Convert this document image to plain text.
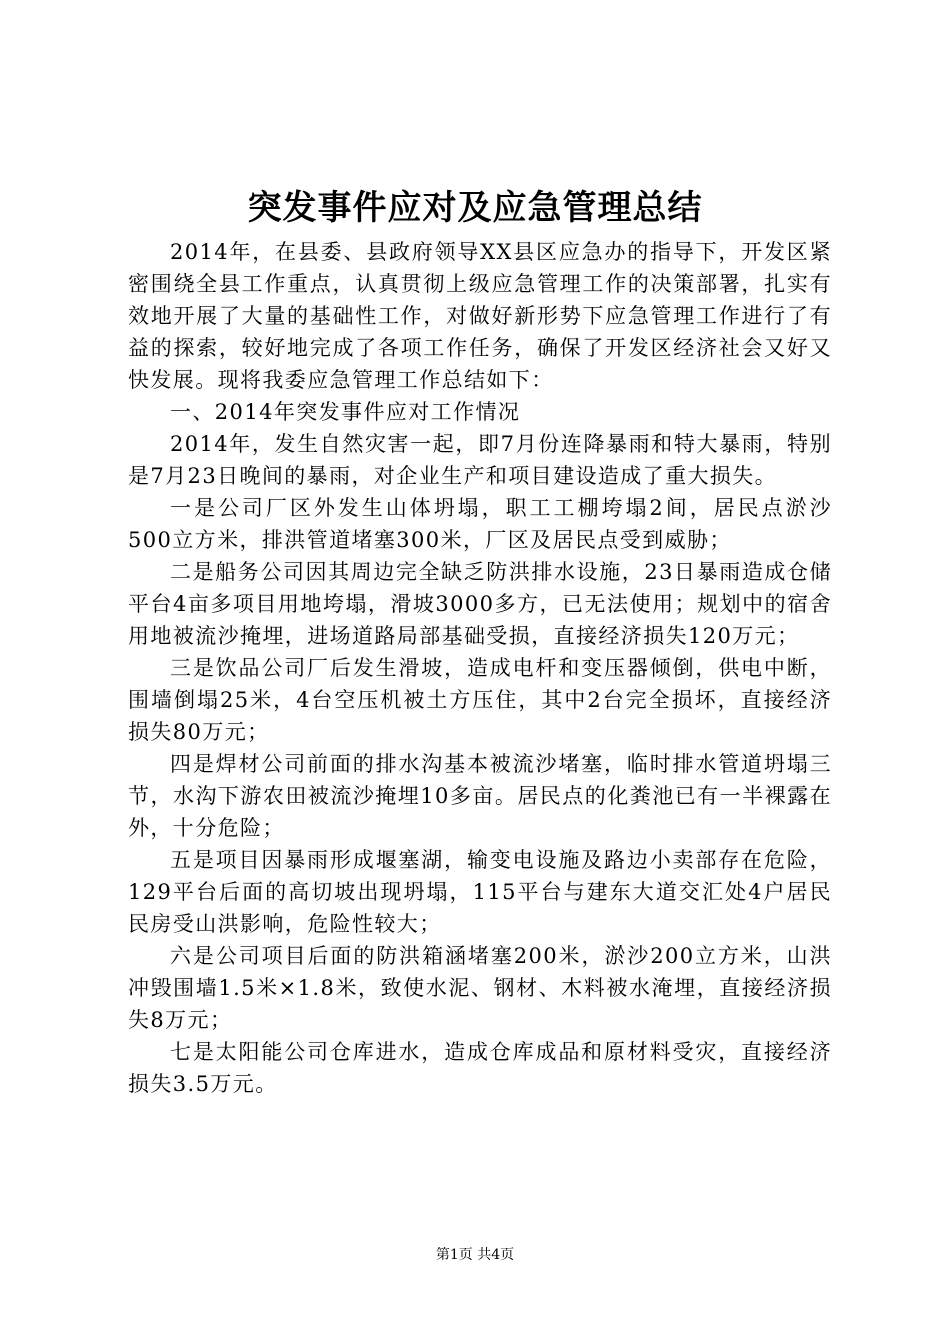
突发事件应对及应急管理总结

2014年，在县委、县政府领导XX县区应急办的指导下，开发区紧密围绕全县工作重点，认真贯彻上级应急管理工作的决策部署，扎实有效地开展了大量的基础性工作，对做好新形势下应急管理工作进行了有益的探索，较好地完成了各项工作任务，确保了开发区经济社会又好又快发展。现将我委应急管理工作总结如下：

一、2014年突发事件应对工作情况

2014年，发生自然灾害一起，即7月份连降暴雨和特大暴雨，特别是7月23日晚间的暴雨，对企业生产和项目建设造成了重大损失。

一是公司厂区外发生山体坍塌，职工工棚垮塌2间，居民点淤沙500立方米，排洪管道堵塞300米，厂区及居民点受到威胁；

二是船务公司因其周边完全缺乏防洪排水设施，23日暴雨造成仓储平台4亩多项目用地垮塌，滑坡3000多方，已无法使用；规划中的宿舍用地被流沙掩埋，进场道路局部基础受损，直接经济损失120万元；

三是饮品公司厂后发生滑坡，造成电杆和变压器倾倒，供电中断，围墙倒塌25米，4台空压机被土方压住，其中2台完全损坏，直接经济损失80万元；

四是焊材公司前面的排水沟基本被流沙堵塞，临时排水管道坍塌三节，水沟下游农田被流沙掩埋10多亩。居民点的化粪池已有一半裸露在外，十分危险；

五是项目因暴雨形成堰塞湖，输变电设施及路边小卖部存在危险，129平台后面的高切坡出现坍塌，115平台与建东大道交汇处4户居民民房受山洪影响，危险性较大；

六是公司项目后面的防洪箱涵堵塞200米，淤沙200立方米，山洪冲毁围墙1.5米×1.8米，致使水泥、钢材、木料被水淹埋，直接经济损失8万元；

七是太阳能公司仓库进水，造成仓库成品和原材料受灾，直接经济损失3.5万元。

第1页 共4页
